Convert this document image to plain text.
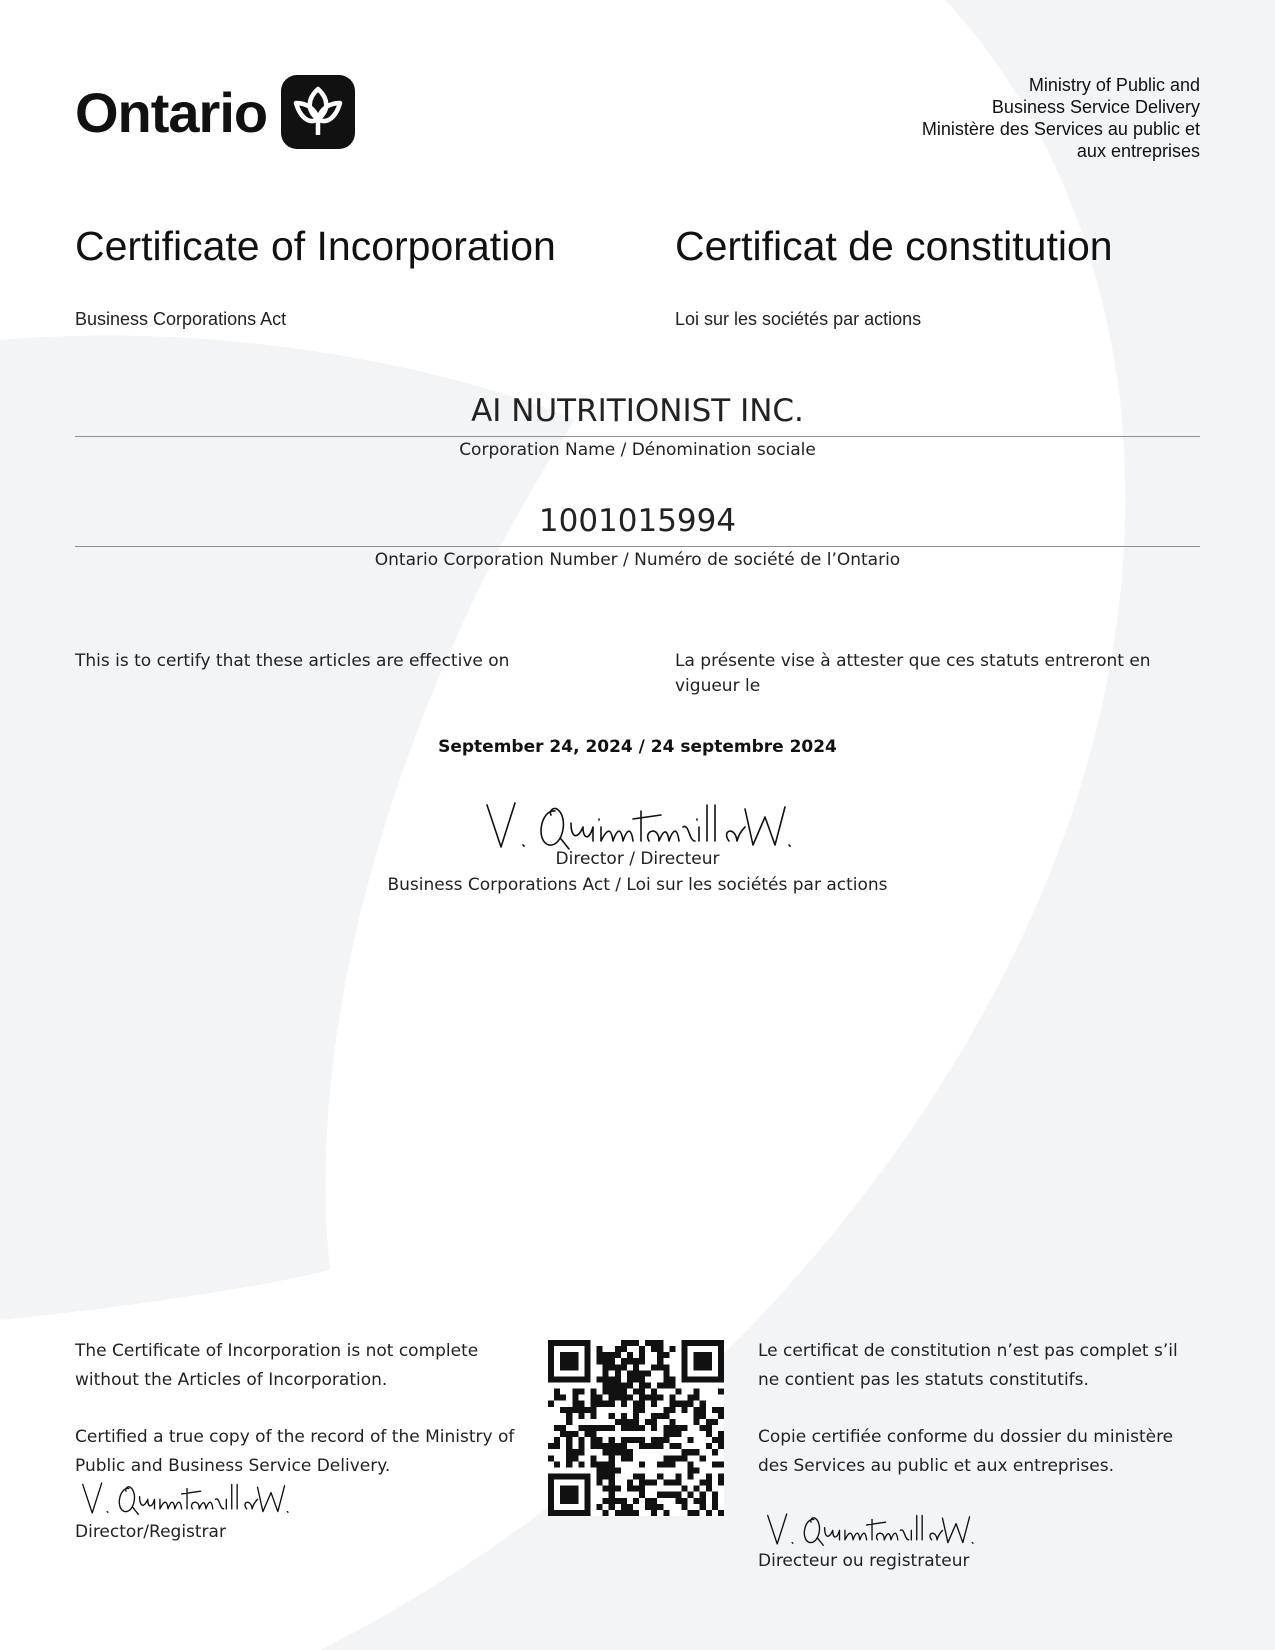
Ontario	Ministry of Public and
Business Service Delivery
Ministère des Services au public et
aux entreprises
Certificate of Incorporation	Certificat de constitution
Business Corporations Act	Loi sur les sociétés par actions
AI NUTRITIONIST INC.
Corporation Name / Dénomination sociale
1001015994
Ontario Corporation Number / Numéro de société de l’Ontario
This is to certify that these articles are effective on	La présente vise à attester que ces statuts entreront en vigueur le
September 24, 2024 / 24 septembre 2024
Director / Directeur
Business Corporations Act / Loi sur les sociétés par actions
The Certificate of Incorporation is not complete without the Articles of Incorporation.
Certified a true copy of the record of the Ministry of Public and Business Service Delivery.
Director/Registrar
Le certificat de constitution n’est pas complet s’il ne contient pas les statuts constitutifs.
Copie certifiée conforme du dossier du ministère des Services au public et aux entreprises.
Directeur ou registrateur
